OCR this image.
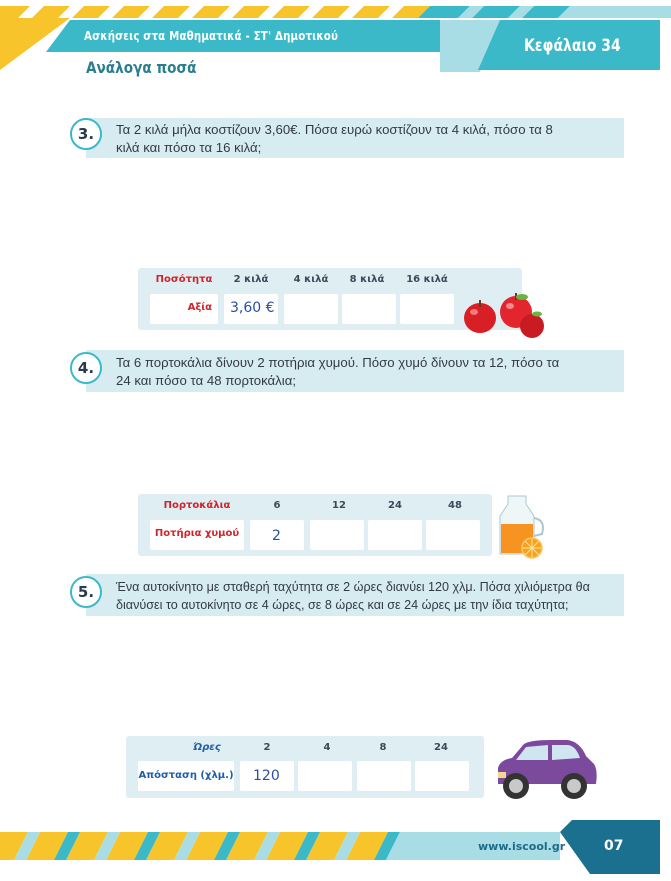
Ασκήσεις στα Μαθηματικά - ΣΤ' Δημοτικού
Κεφάλαιο 34
Ανάλογα ποσά
3.	Τα 2 κιλά μήλα κοστίζουν 3,60€. Πόσα ευρώ κοστίζουν τα 4 κιλά, πόσο τα 8
κιλά και πόσο τα 16 κιλά;
Ποσότητα	2 κιλά	4 κιλά	8 κιλά	16 κιλά
Αξία 3,60 €
4.	Τα 6 πορτοκάλια δίνουν 2 ποτήρια χυμού. Πόσο χυμό δίνουν τα 12, πόσο τα
24 και πόσο τα 48 πορτοκάλια;
Πορτοκάλια	6	12	24	48
Ποτήρια χυμού	2
5.	Ένα αυτοκίνητο με σταθερή ταχύτητα σε 2 ώρες διανύει 120 χλμ. Πόσα χιλιόμετρα θα
διανύσει το αυτοκίνητο σε 4 ώρες, σε 8 ώρες και σε 24 ώρες με την ίδια ταχύτητα;
Ώρες	2	4	8	24
Απόσταση (χλμ.) 120
www.iscool.gr	07
